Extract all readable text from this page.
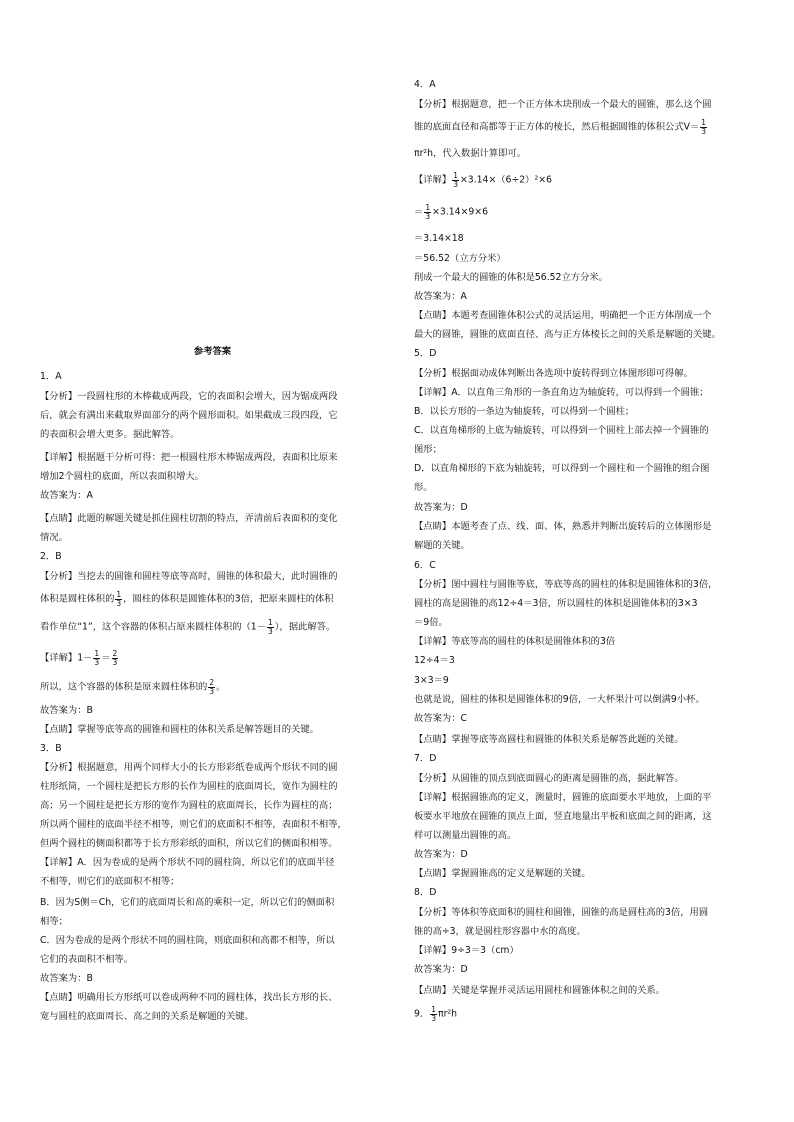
参考答案
1．A
【分析】一段圆柱形的木棒截成两段，它的表面积会增大，因为锯成两段
后，就会有满出来截取界面部分的两个圆形面积。如果截成三段四段，它
的表面积会增大更多。据此解答。
【详解】根据题干分析可得：把一根圆柱形木棒锯成两段，表面积比原来
增加2个圆柱的底面，所以表面积增大。
故答案为：A
【点睛】此题的解题关键是抓住圆柱切割的特点，弄清前后表面积的变化
情况。
2．B
【分析】当挖去的圆锥和圆柱等底等高时，圆锥的体积最大，此时圆锥的
体积是圆柱体积的 $\frac{1}{3}$ ，圆柱的体积是圆锥体积的3倍，把原来圆柱的体积
看作单位“1”，这个容器的体积占原来圆柱体积的（$1- \frac{1}{3}$ ），据此解答。
【详解】$1- \frac{1}{3} = \frac{2}{3}$
所以，这个容器的体积是原来圆柱体积的 $\frac{2}{3}$ 。
故答案为：B
【点睛】掌握等底等高的圆锥和圆柱的体积关系是解答题目的关键。
3．B
【分析】根据题意，用两个同样大小的长方形彩纸卷成两个形状不同的圆
柱形纸筒，一个圆柱是把长方形的长作为圆柱的底面周长，宽作为圆柱的
高；另一个圆柱是把长方形的宽作为圆柱的底面周长，长作为圆柱的高；
所以两个圆柱的底面半径不相等，则它们的底面积不相等，表面积不相等，
但两个圆柱的侧面积都等于长方形彩纸的面积，所以它们的侧面积相等。
【详解】A．因为卷成的是两个形状不同的圆柱筒，所以它们的底面半径
不相等，则它们的底面积不相等；
B．因为S侧＝Ch，它们的底面周长和高的乘积一定，所以它们的侧面积
相等；
C．因为卷成的是两个形状不同的圆柱筒，则底面积和高都不相等，所以
它们的表面积不相等。
故答案为：B
【点睛】明确用长方形纸可以卷成两种不同的圆柱体，找出长方形的长、
宽与圆柱的底面周长、高之间的关系是解题的关键。
4．A
【分析】根据题意，把一个正方体木块削成一个最大的圆锥，那么这个圆
锥的底面直径和高都等于正方体的棱长，然后根据圆锥的体积公式$V= \frac{1}{3}$
πr²h，代入数据计算即可。
【详解】 $\frac{1}{3} \times 3.14\times(6\div 2)^2\times 6$
＝ $\frac{1}{3} \times 3.14\times 9\times 6$
＝3.14×18
＝56.52（立方分米）
削成一个最大的圆锥的体积是56.52立方分米。
故答案为：A
【点睛】本题考查圆锥体积公式的灵活运用，明确把一个正方体削成一个
最大的圆锥，圆锥的底面直径、高与正方体棱长之间的关系是解题的关键。
5．D
【分析】根据面动成体判断出各选项中旋转得到立体图形即可得解。
【详解】A．以直角三角形的一条直角边为轴旋转，可以得到一个圆锥；
B．以长方形的一条边为轴旋转，可以得到一个圆柱；
C．以直角梯形的上底为轴旋转，可以得到一个圆柱上部去掉一个圆锥的
图形；
D．以直角梯形的下底为轴旋转，可以得到一个圆柱和一个圆锥的组合图
形。
故答案为：D
【点睛】本题考查了点、线、面、体，熟悉并判断出旋转后的立体图形是
解题的关键。
6．C
【分析】图中圆柱与圆锥等底，等底等高的圆柱的体积是圆锥体积的3倍，
圆柱的高是圆锥的高12÷4＝3倍，所以圆柱的体积是圆锥体积的3×3
＝9倍。
【详解】等底等高的圆柱的体积是圆锥体积的3倍
12÷4＝3
3×3＝9
也就是说，圆柱的体积是圆锥体积的9倍，一大杯果汁可以倒满9小杯。
故答案为：C
【点睛】掌握等底等高圆柱和圆锥的体积关系是解答此题的关键。
7．D
【分析】从圆锥的顶点到底面圆心的距离是圆锥的高，据此解答。
【详解】根据圆锥高的定义，测量时，圆锥的底面要水平地放，上面的平
板要水平地放在圆锥的顶点上面，竖直地量出平板和底面之间的距离，这
样可以测量出圆锥的高。
故答案为：D
【点睛】掌握圆锥高的定义是解题的关键。
8．D
【分析】等体积等底面积的圆柱和圆锥，圆锥的高是圆柱高的3倍，用圆
锥的高÷3，就是圆柱形容器中水的高度。
【详解】9÷3＝3（cm）
故答案为：D
【点睛】关键是掌握并灵活运用圆柱和圆锥体积之间的关系。
9． $\frac{1}{3} \pi r^2h$
